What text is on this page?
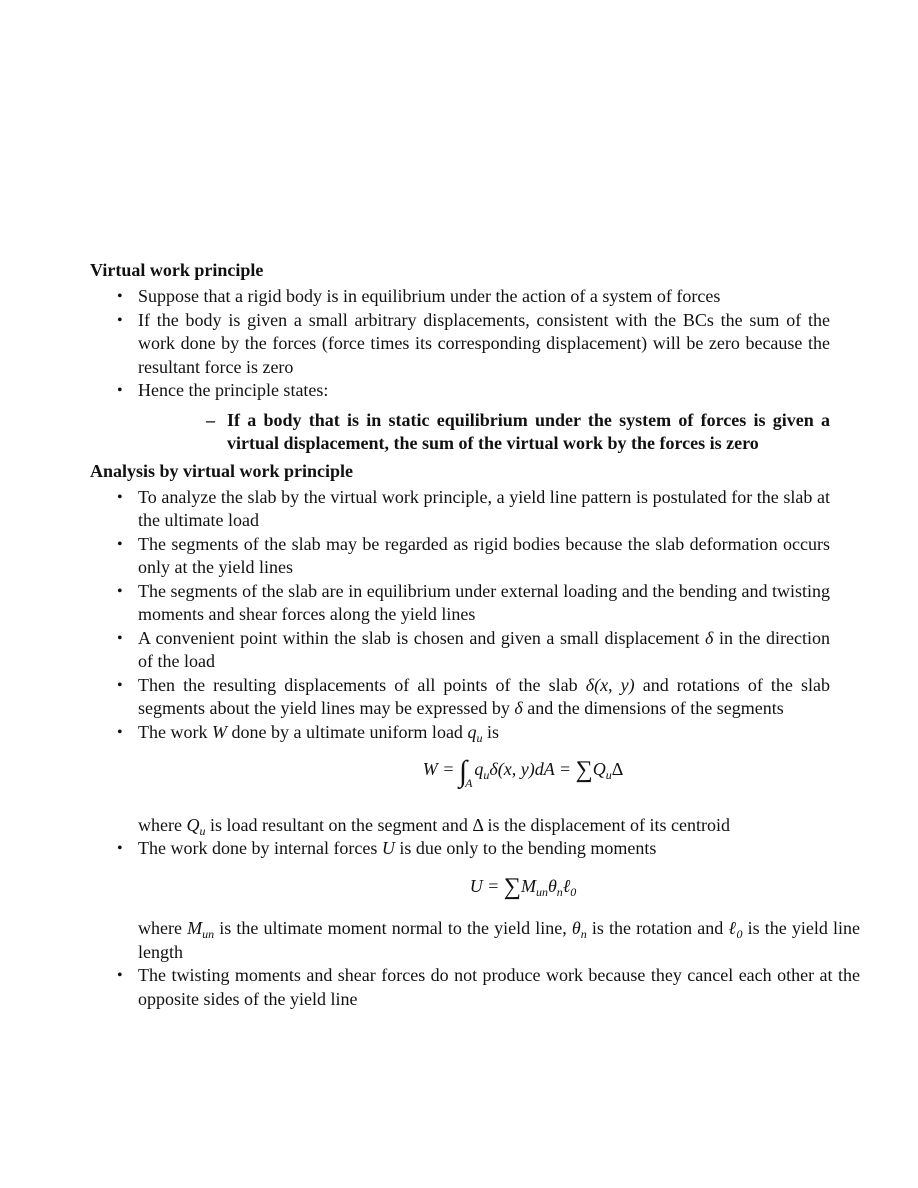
Virtual work principle
• Suppose that a rigid body is in equilibrium under the action of a system of forces
• If the body is given a small arbitrary displacements, consistent with the BCs the sum of the work done by the forces (force times its corresponding displacement) will be zero because the resultant force is zero
• Hence the principle states:
– If a body that is in static equilibrium under the system of forces is given a virtual displacement, the sum of the virtual work by the forces is zero
Analysis by virtual work principle
• To analyze the slab by the virtual work principle, a yield line pattern is postulated for the slab at the ultimate load
• The segments of the slab may be regarded as rigid bodies because the slab deformation occurs only at the yield lines
• The segments of the slab are in equilibrium under external loading and the bending and twisting moments and shear forces along the yield lines
• A convenient point within the slab is chosen and given a small displacement δ in the direction of the load
• Then the resulting displacements of all points of the slab δ(x, y) and rotations of the slab segments about the yield lines may be expressed by δ and the dimensions of the segments
• The work W done by a ultimate uniform load $q_u$ is
$W = \int_Aq_u\delta(x$, $y)dA = \sum Q_u\Delta$
where $Q_u$ is load resultant on the segment and Δ is the displacement of its centroid
• The work done by internal forces U is due only to the bending moments
$U = \sum M_{un}\theta_n\ell_0$
where $M_{un}$ is the ultimate moment normal to the yield line, $\theta_n$ is the rotation and ℓ$_0$ is the yield line length
• The twisting moments and shear forces do not produce work because they cancel each other at the opposite sides of the yield line
